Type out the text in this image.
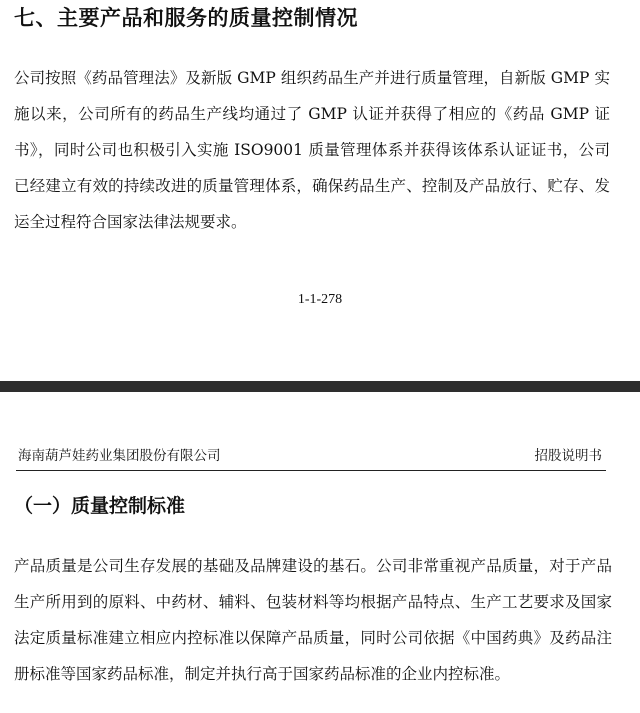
七、主要产品和服务的质量控制情况

公司按照《药品管理法》及新版 GMP 组织药品生产并进行质量管理，自新版 GMP 实施以来，公司所有的药品生产线均通过了 GMP 认证并获得了相应的《药品 GMP 证书》，同时公司也积极引入实施 ISO9001 质量管理体系并获得该体系认证证书，公司已经建立有效的持续改进的质量管理体系，确保药品生产、控制及产品放行、贮存、发运全过程符合国家法律法规要求。

1-1-278
海南葫芦娃药业集团股份有限公司	招股说明书
（一）质量控制标准

产品质量是公司生存发展的基础及品牌建设的基石。公司非常重视产品质量，对于产品生产所用到的原料、中药材、辅料、包装材料等均根据产品特点、生产工艺要求及国家法定质量标准建立相应内控标准以保障产品质量，同时公司依据《中国药典》及药品注册标准等国家药品标准，制定并执行高于国家药品标准的企业内控标准。
